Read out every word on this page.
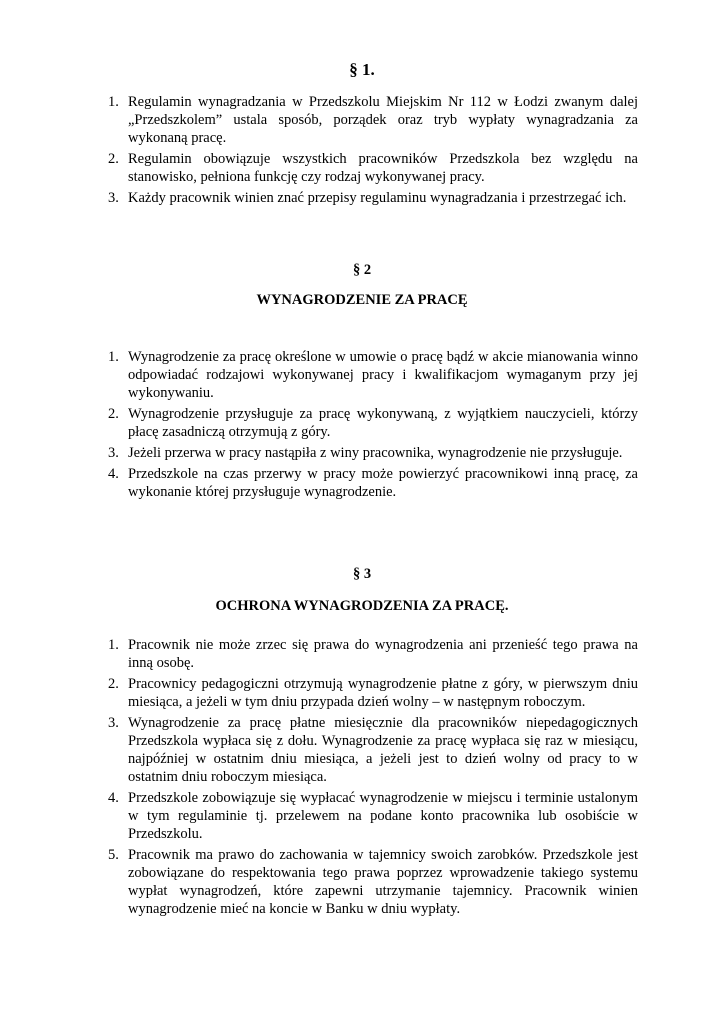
§ 1.
1. Regulamin wynagradzania w Przedszkolu Miejskim Nr 112 w Łodzi zwanym dalej „Przedszkolem” ustala sposób, porządek oraz tryb wypłaty wynagradzania za wykonaną pracę.
2. Regulamin obowiązuje wszystkich pracowników Przedszkola bez względu na stanowisko, pełniona funkcję czy rodzaj wykonywanej pracy.
3. Każdy pracownik winien znać przepisy regulaminu wynagradzania i przestrzegać ich.
§ 2
WYNAGRODZENIE ZA PRACĘ
1. Wynagrodzenie za pracę określone w umowie o pracę bądź w akcie mianowania winno odpowiadać rodzajowi wykonywanej pracy i kwalifikacjom wymaganym przy jej wykonywaniu.
2. Wynagrodzenie przysługuje za pracę wykonywaną, z wyjątkiem nauczycieli, którzy płacę zasadniczą otrzymują z góry.
3. Jeżeli przerwa w pracy nastąpiła z winy pracownika, wynagrodzenie nie przysługuje.
4. Przedszkole na czas przerwy w pracy może powierzyć pracownikowi inną pracę, za wykonanie której przysługuje wynagrodzenie.
§ 3
OCHRONA WYNAGRODZENIA ZA PRACĘ.
1. Pracownik nie może zrzec się prawa do wynagrodzenia ani przenieść tego prawa na inną osobę.
2. Pracownicy pedagogiczni otrzymują wynagrodzenie płatne z góry, w pierwszym dniu miesiąca, a jeżeli w tym dniu przypada dzień wolny – w następnym roboczym.
3. Wynagrodzenie za pracę płatne miesięcznie dla pracowników niepedagogicznych Przedszkola wypłaca się z dołu. Wynagrodzenie za pracę wypłaca się raz w miesiącu, najpóźniej w ostatnim dniu miesiąca, a jeżeli jest to dzień wolny od pracy to w ostatnim dniu roboczym miesiąca.
4. Przedszkole zobowiązuje się wypłacać wynagrodzenie w miejscu i terminie ustalonym w tym regulaminie tj. przelewem na podane konto pracownika lub osobiście w Przedszkolu.
5. Pracownik ma prawo do zachowania w tajemnicy swoich zarobków. Przedszkole jest zobowiązane do respektowania tego prawa poprzez wprowadzenie takiego systemu wypłat wynagrodzeń, które zapewni utrzymanie tajemnicy. Pracownik winien wynagrodzenie mieć na koncie w Banku w dniu wypłaty.
